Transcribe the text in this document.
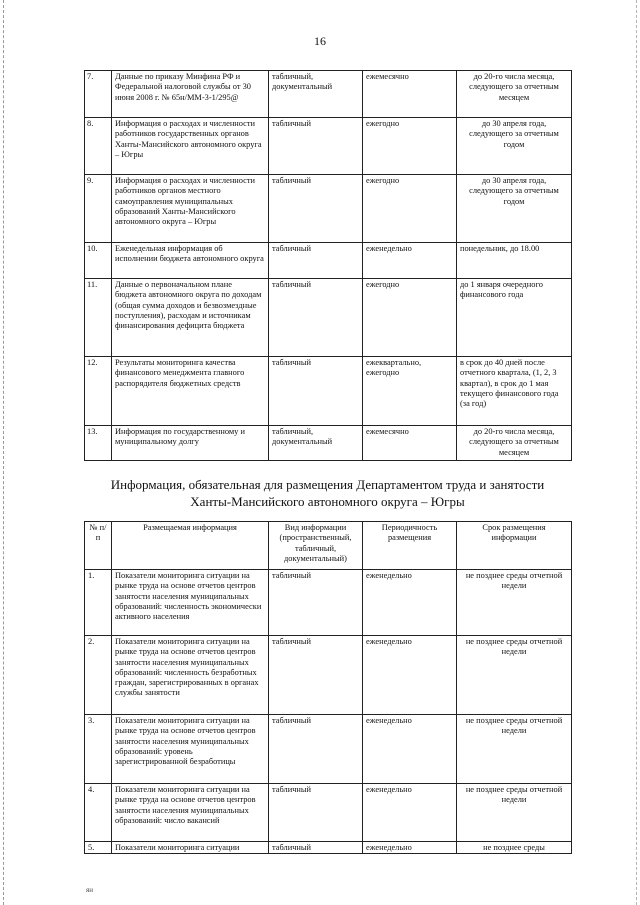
16
7.	Данные по приказу Минфина РФ и Федеральной налоговой службы от 30 июня 2008 г. № 65н/ММ-3-1/295@	табличный, документальный	ежемесячно	до 20-го числа месяца, следующего за отчетным месяцем
8.	Информация о расходах и численности работников государственных органов Ханты-Мансийского автономного округа – Югры	табличный	ежегодно	до 30 апреля года, следующего за отчетным годом
9.	Информация о расходах и численности работников органов местного самоуправления муниципальных образований Ханты-Мансийского автономного округа – Югры	табличный	ежегодно	до 30 апреля года, следующего за отчетным годом
10.	Еженедельная информация об исполнении бюджета автономного округа	табличный	еженедельно	понедельник, до 18.00
11.	Данные о первоначальном плане бюджета автономного округа по доходам (общая сумма доходов и безвозмездные поступления), расходам и источникам финансирования дефицита бюджета	табличный	ежегодно	до 1 января очередного финансового года
12.	Результаты мониторинга качества финансового менеджмента главного распорядителя бюджетных средств	табличный	ежеквартально, ежегодно	в срок до 40 дней после отчетного квартала, (1, 2, 3 квартал), в срок до 1 мая текущего финансового года (за год)
13.	Информация по государственному и муниципальному долгу	табличный, документальный	ежемесячно	до 20-го числа месяца, следующего за отчетным месяцем
Информация, обязательная для размещения Департаментом труда и занятости
Ханты-Мансийского автономного округа – Югры
№ п/п	Размещаемая информация	Вид информации (пространственный, табличный, документальный)	Периодичность размещения	Срок размещения информации
1.	Показатели мониторинга ситуации на рынке труда на основе отчетов центров занятости населения муниципальных образований: численность экономически активного населения	табличный	еженедельно	не позднее среды отчетной недели
2.	Показатели мониторинга ситуации на рынке труда на основе отчетов центров занятости населения муниципальных образований: численность безработных граждан, зарегистрированных в органах службы занятости	табличный	еженедельно	не позднее среды отчетной недели
3.	Показатели мониторинга ситуации на рынке труда на основе отчетов центров занятости населения муниципальных образований: уровень зарегистрированной безработицы	табличный	еженедельно	не позднее среды отчетной недели
4.	Показатели мониторинга ситуации на рынке труда на основе отчетов центров занятости населения муниципальных образований: число вакансий	табличный	еженедельно	не позднее среды отчетной недели
5.	Показатели мониторинга ситуации	табличный	еженедельно	не позднее среды
ян
